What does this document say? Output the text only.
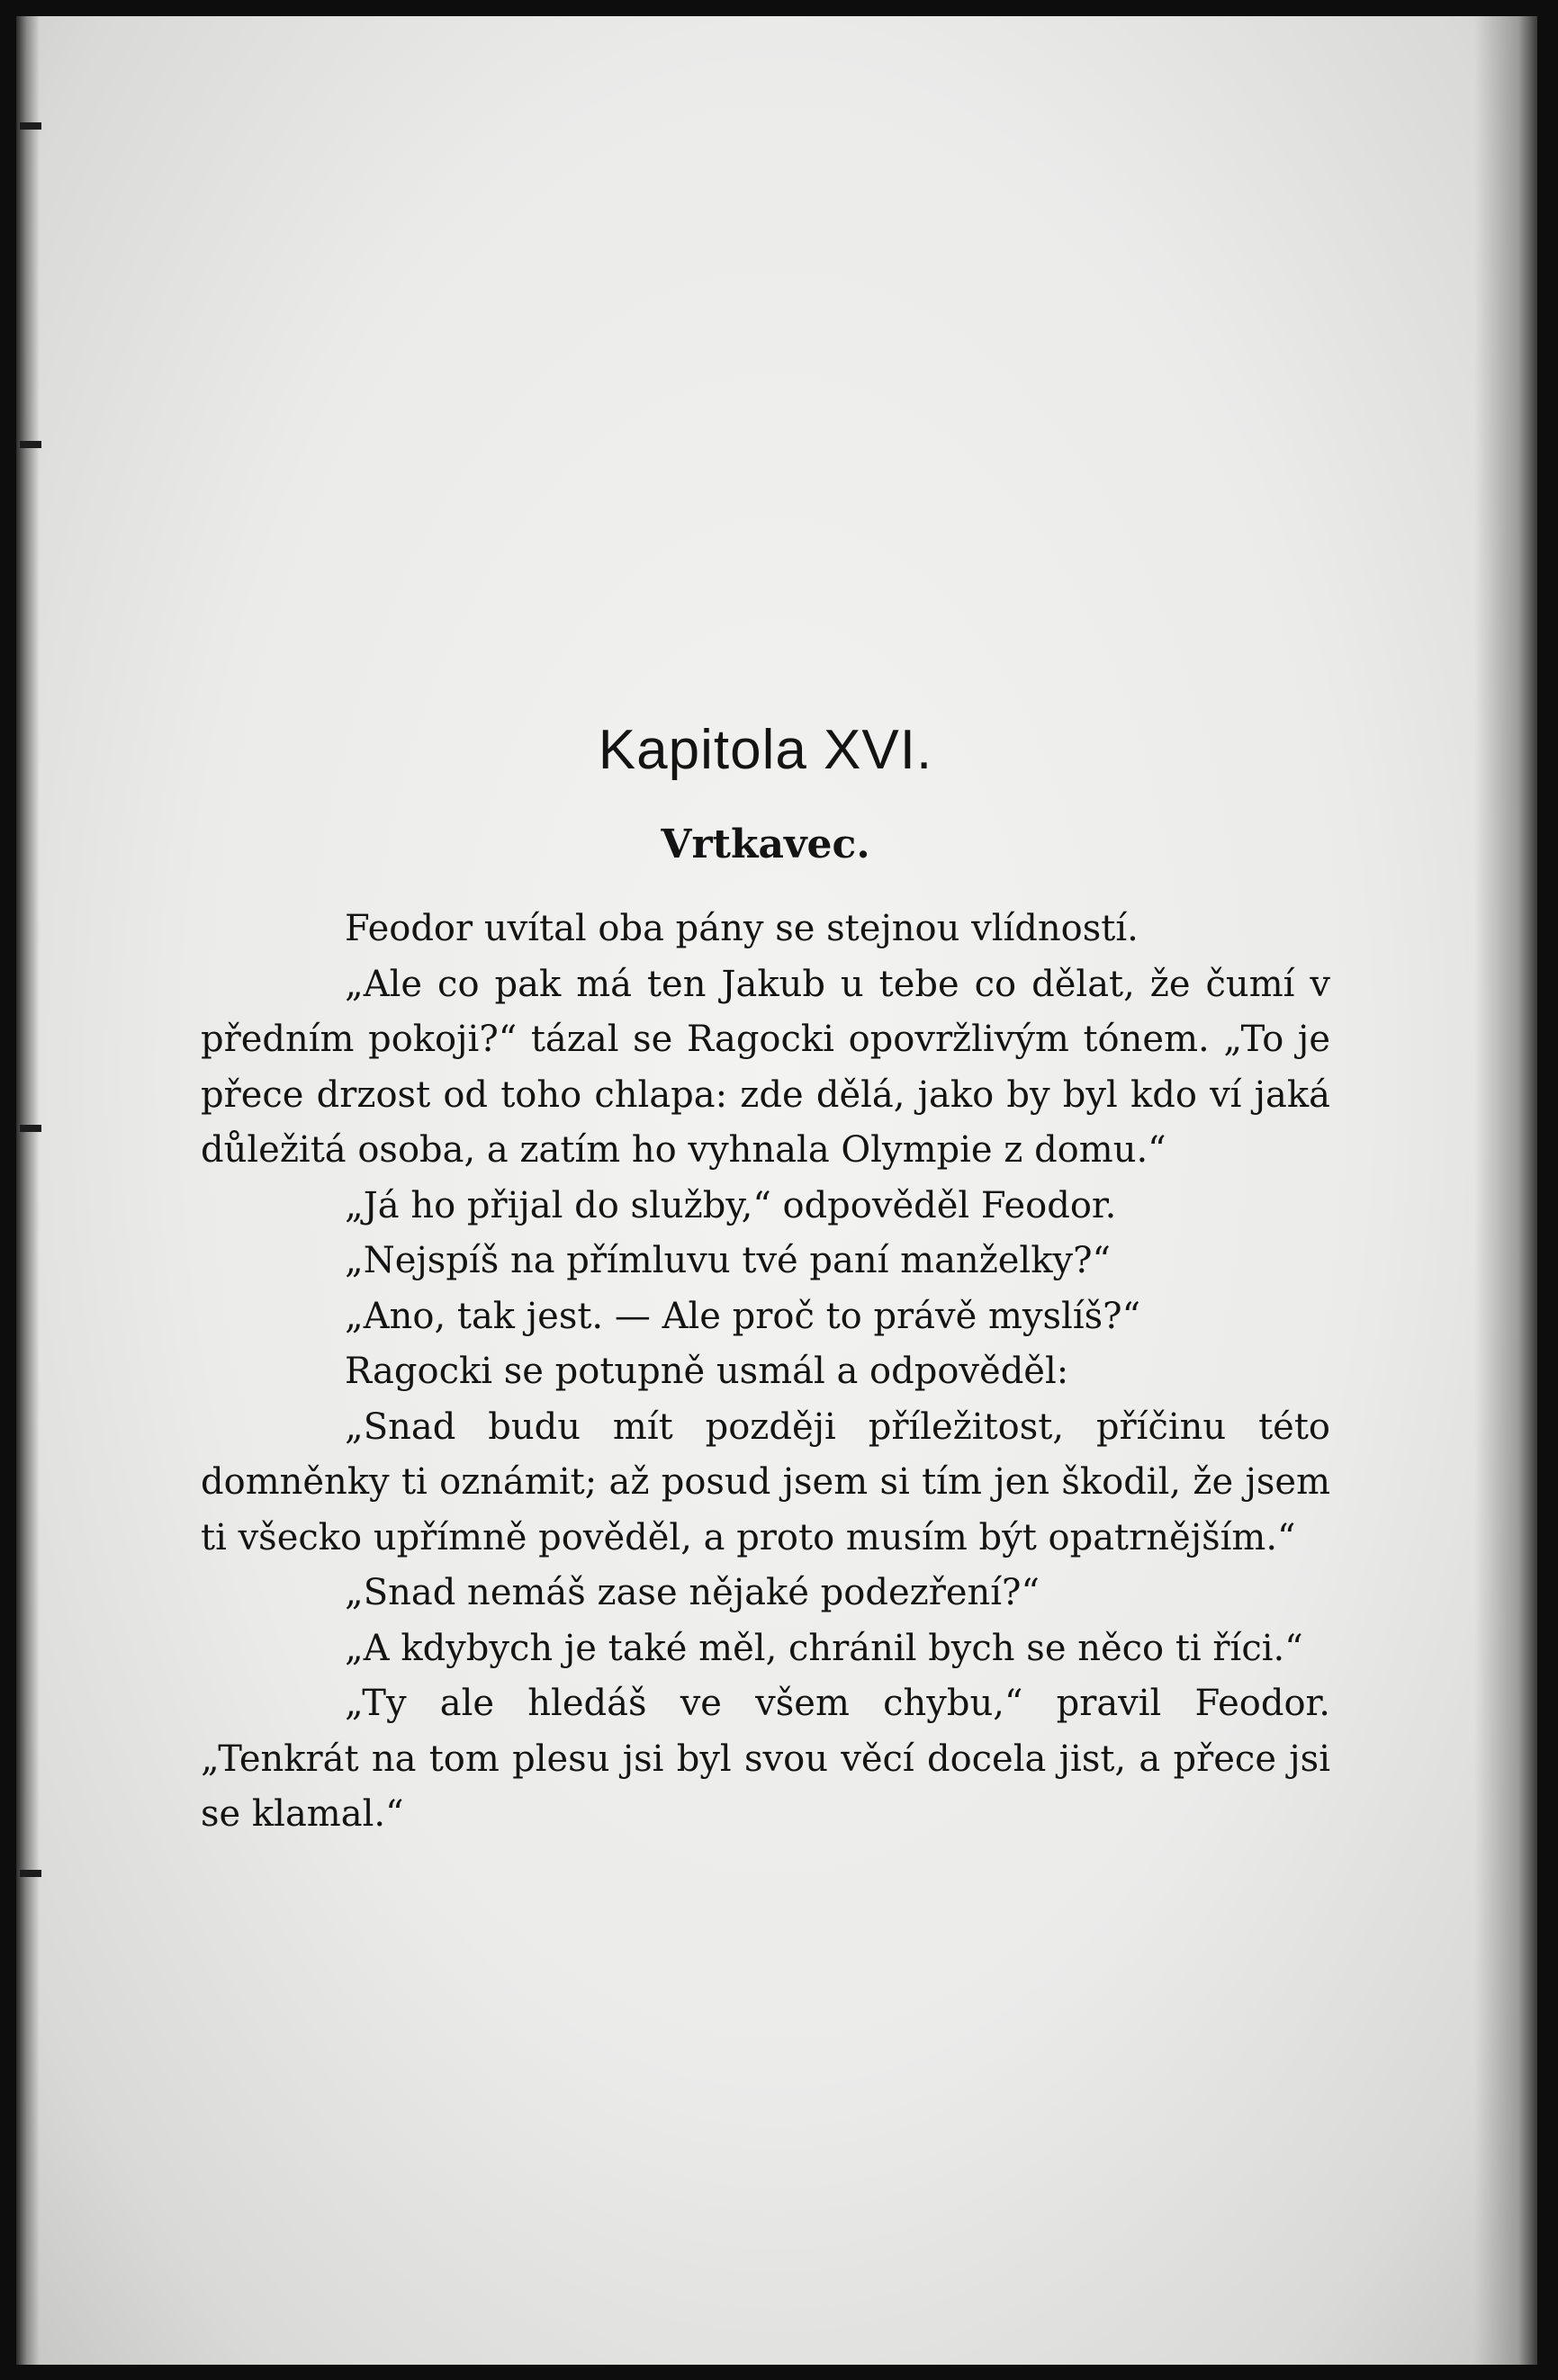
Kapitola XVI.
Vrtkavec.

Feodor uvítal oba pány se stejnou vlídností.

„Ale co pak má ten Jakub u tebe co dělat, že čumí v předním pokoji?“ tázal se Ragocki opovržlivým tónem. „To je přece drzost od toho chlapa: zde dělá, jako by byl kdo ví jaká důležitá osoba, a zatím ho vyhnala Olympie z domu.“

„Já ho přijal do služby,“ odpověděl Feodor.

„Nejspíš na přímluvu tvé paní manželky?“

„Ano, tak jest. — Ale proč to právě myslíš?“

Ragocki se potupně usmál a odpověděl:

„Snad budu mít později příležitost, příčinu této domněnky ti oznámit; až posud jsem si tím jen škodil, že jsem ti všecko upřímně pověděl, a proto musím být opatrnějším.“

„Snad nemáš zase nějaké podezření?“

„A kdybych je také měl, chránil bych se něco ti říci.“

„Ty ale hledáš ve všem chybu,“ pravil Feodor. „Tenkrát na tom plesu jsi byl svou věcí docela jist, a přece jsi se klamal.“
